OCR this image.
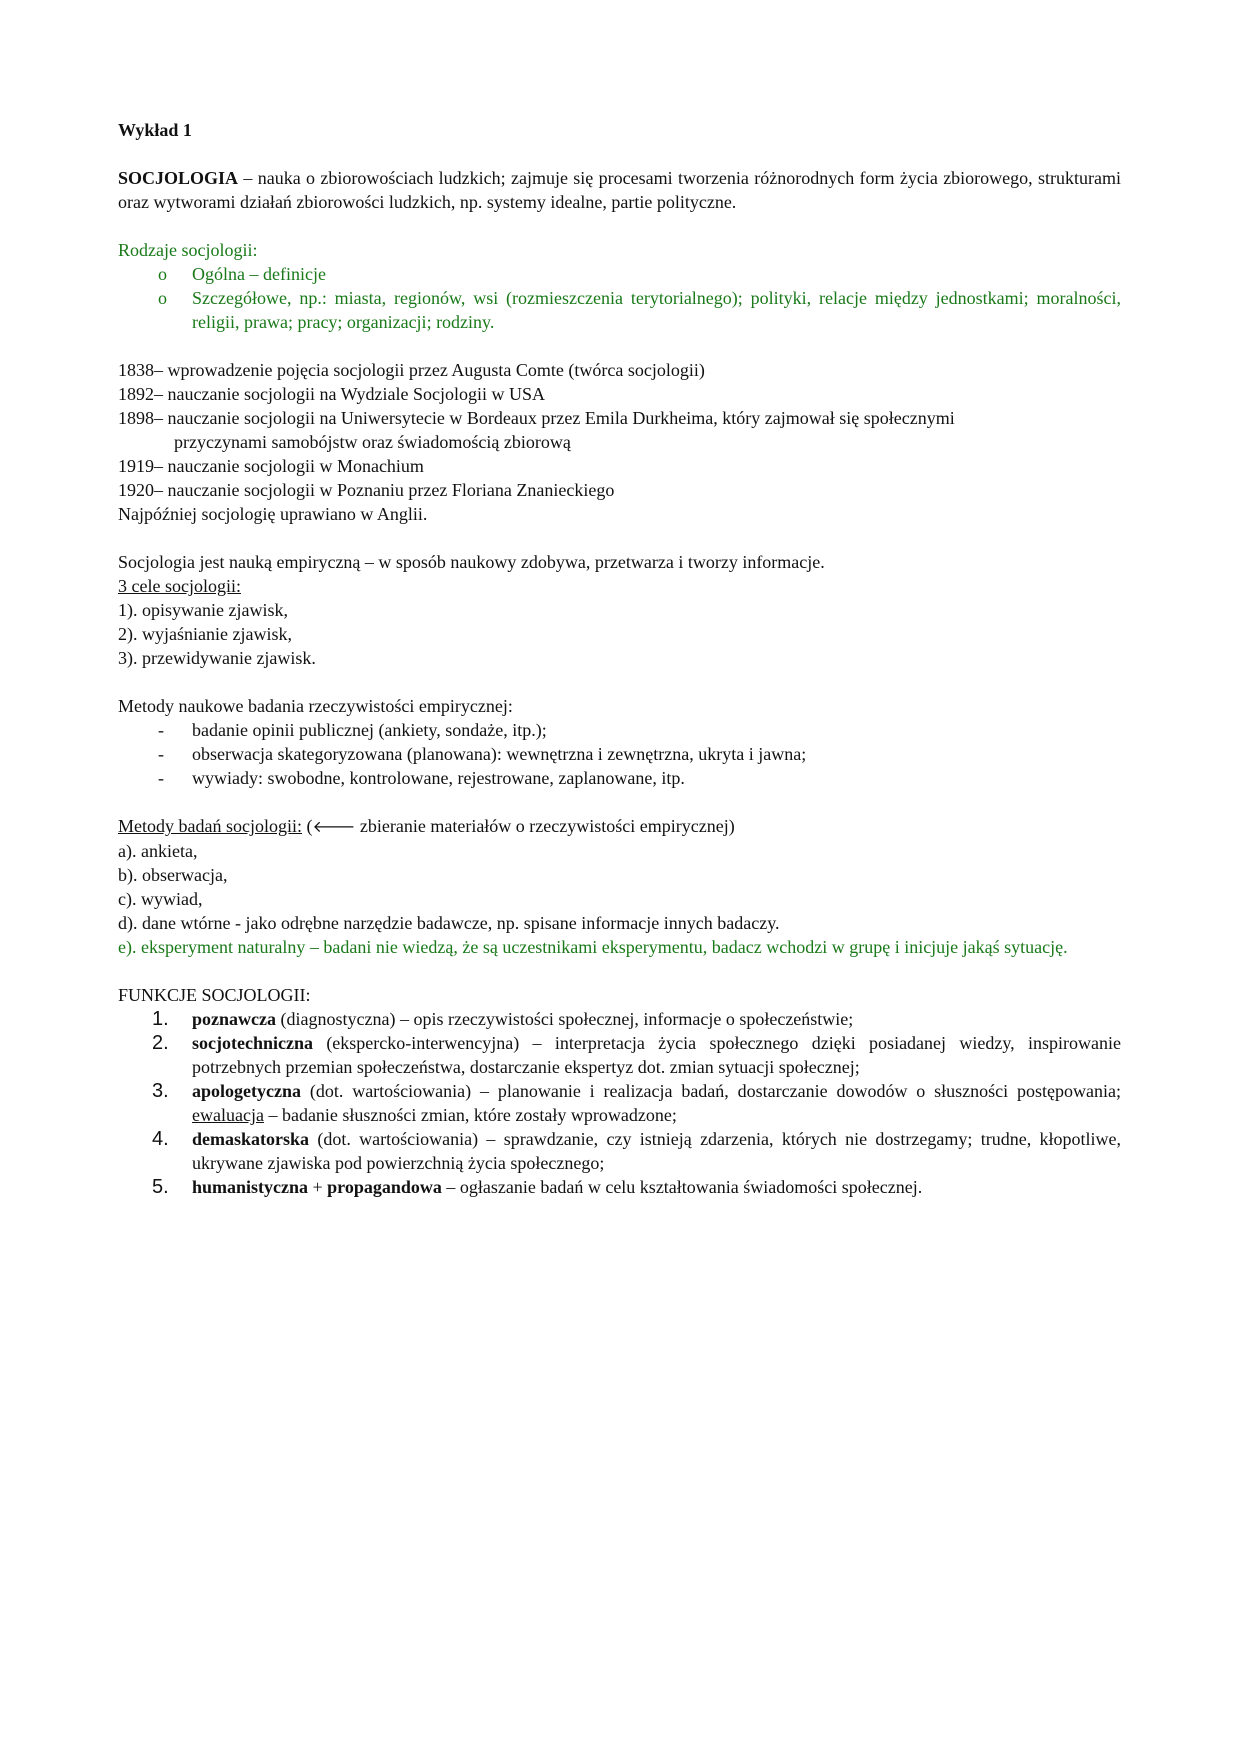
Wykład 1

SOCJOLOGIA – nauka o zbiorowościach ludzkich; zajmuje się procesami tworzenia różnorodnych form życia zbiorowego, strukturami oraz wytworami działań zbiorowości ludzkich, np. systemy idealne, partie polityczne.

Rodzaje socjologii:

o	Ogólna – definicje
o	Szczegółowe, np.: miasta, regionów, wsi (rozmieszczenia terytorialnego); polityki, relacje między jednostkami; moralności, religii, prawa; pracy; organizacji; rodziny.
1838 – wprowadzenie pojęcia socjologii przez Augusta Comte (twórca socjologii)
1892 – nauczanie socjologii na Wydziale Socjologii w USA
1898 – nauczanie socjologii na Uniwersytecie w Bordeaux przez Emila Durkheima, który zajmował się społecznymi

przyczynami samobójstw oraz świadomością zbiorową

1919 – nauczanie socjologii w Monachium
1920 – nauczanie socjologii w Poznaniu przez Floriana Znanieckiego

Najpóźniej socjologię uprawiano w Anglii.

Socjologia jest nauką empiryczną – w sposób naukowy zdobywa, przetwarza i tworzy informacje.

3 cele socjologii:

1). opisywanie zjawisk,

2). wyjaśnianie zjawisk,

3). przewidywanie zjawisk.

Metody naukowe badania rzeczywistości empirycznej:

-	badanie opinii publicznej (ankiety, sondaże, itp.);
-	obserwacja skategoryzowana (planowana): wewnętrzna i zewnętrzna, ukryta i jawna;
-	wywiady: swobodne, kontrolowane, rejestrowane, zaplanowane, itp.

Metody badań socjologii: (🡐 zbieranie materiałów o rzeczywistości empirycznej)

a). ankieta,

b). obserwacja,

c). wywiad,

d). dane wtórne - jako odrębne narzędzie badawcze, np. spisane informacje innych badaczy.

e). eksperyment naturalny – badani nie wiedzą, że są uczestnikami eksperymentu, badacz wchodzi w grupę i inicjuje jakąś sytuację.

FUNKCJE SOCJOLOGII:

1.	poznawcza (diagnostyczna) – opis rzeczywistości społecznej, informacje o społeczeństwie;
2.	socjotechniczna (ekspercko-interwencyjna) – interpretacja życia społecznego dzięki posiadanej wiedzy, inspirowanie potrzebnych przemian społeczeństwa, dostarczanie ekspertyz dot. zmian sytuacji społecznej;
3.	apologetyczna (dot. wartościowania) – planowanie i realizacja badań, dostarczanie dowodów o słuszności postępowania; ewaluacja – badanie słuszności zmian, które zostały wprowadzone;
4.	demaskatorska (dot. wartościowania) – sprawdzanie, czy istnieją zdarzenia, których nie dostrzegamy; trudne, kłopotliwe, ukrywane zjawiska pod powierzchnią życia społecznego;
5.	humanistyczna + propagandowa – ogłaszanie badań w celu kształtowania świadomości społecznej.
